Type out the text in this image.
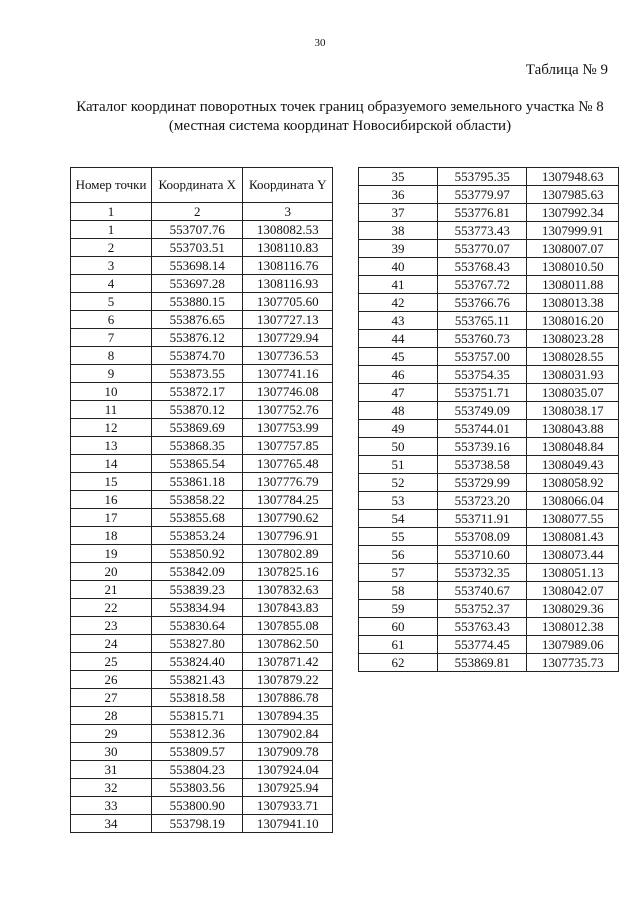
30
Таблица № 9
Каталог координат поворотных точек границ образуемого земельного участка № 8
(местная система координат Новосибирской области)
Номер точки	Координата X	Координата Y
1	2	3
1	553707.76	1308082.53
2	553703.51	1308110.83
3	553698.14	1308116.76
4	553697.28	1308116.93
5	553880.15	1307705.60
6	553876.65	1307727.13
7	553876.12	1307729.94
8	553874.70	1307736.53
9	553873.55	1307741.16
10	553872.17	1307746.08
11	553870.12	1307752.76
12	553869.69	1307753.99
13	553868.35	1307757.85
14	553865.54	1307765.48
15	553861.18	1307776.79
16	553858.22	1307784.25
17	553855.68	1307790.62
18	553853.24	1307796.91
19	553850.92	1307802.89
20	553842.09	1307825.16
21	553839.23	1307832.63
22	553834.94	1307843.83
23	553830.64	1307855.08
24	553827.80	1307862.50
25	553824.40	1307871.42
26	553821.43	1307879.22
27	553818.58	1307886.78
28	553815.71	1307894.35
29	553812.36	1307902.84
30	553809.57	1307909.78
31	553804.23	1307924.04
32	553803.56	1307925.94
33	553800.90	1307933.71
34	553798.19	1307941.10
35	553795.35	1307948.63
36	553779.97	1307985.63
37	553776.81	1307992.34
38	553773.43	1307999.91
39	553770.07	1308007.07
40	553768.43	1308010.50
41	553767.72	1308011.88
42	553766.76	1308013.38
43	553765.11	1308016.20
44	553760.73	1308023.28
45	553757.00	1308028.55
46	553754.35	1308031.93
47	553751.71	1308035.07
48	553749.09	1308038.17
49	553744.01	1308043.88
50	553739.16	1308048.84
51	553738.58	1308049.43
52	553729.99	1308058.92
53	553723.20	1308066.04
54	553711.91	1308077.55
55	553708.09	1308081.43
56	553710.60	1308073.44
57	553732.35	1308051.13
58	553740.67	1308042.07
59	553752.37	1308029.36
60	553763.43	1308012.38
61	553774.45	1307989.06
62	553869.81	1307735.73
